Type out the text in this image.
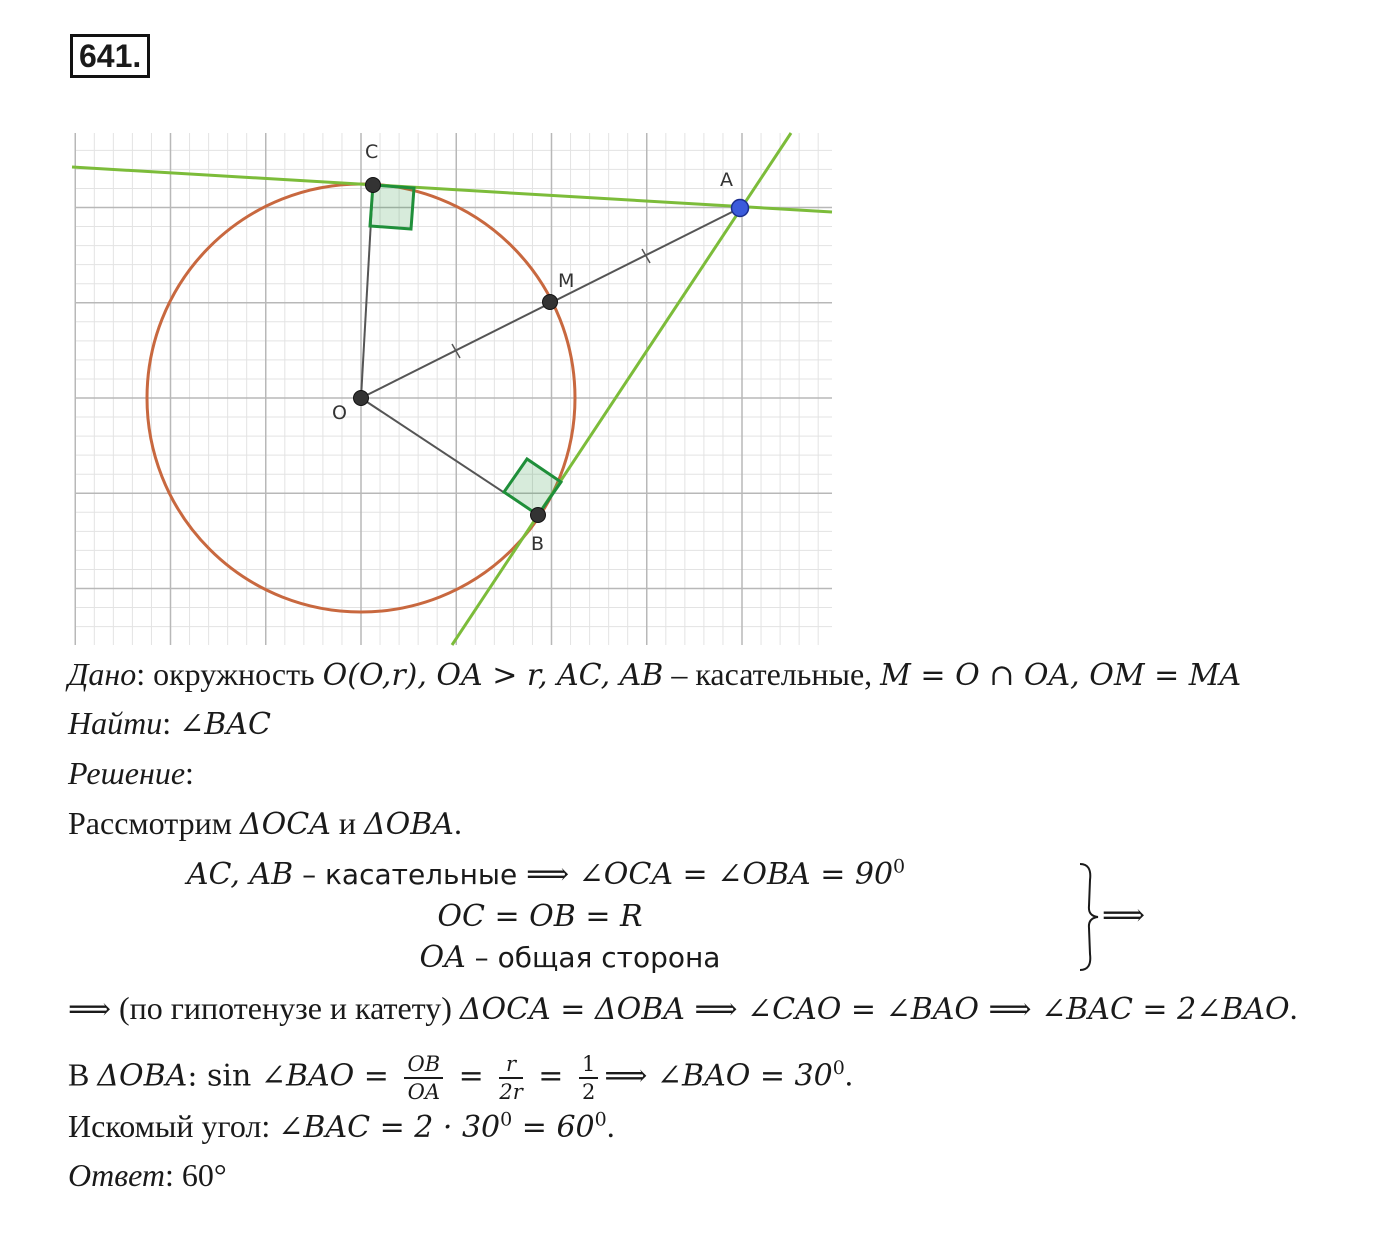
641.
C
A
M
O
B
Дано: окружность O(O,r), OA > r, AC, AB – касательные, M = O ∩ OA, OM = MA
Найти: ∠BAC
Решение:
Рассмотрим ΔOCA и ΔOBA.
AC, AB – касательные ⟹ ∠OCA = ∠OBA = $90^0$
OC = OB = R
OA – общая сторона
⟹
⟹ (по гипотенузе и катету) ΔOCA = ΔOBA ⟹ ∠CAO = ∠BAO ⟹ ∠BAC = 2∠BAO.
В ΔOBA: sin ∠BAO = $\frac{OB}{OA} = \frac{r}{2r} = \frac{1}{2}$ ⟹ ∠BAO = $30^0$.
Искомый угол: ∠BAC = $2 \cdot 30^0 = 60^0$.
Ответ: 60°
